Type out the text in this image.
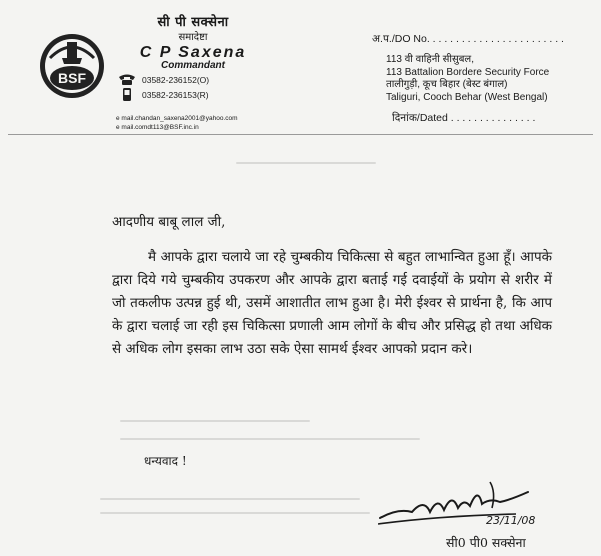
BSF
सी पी सक्सेना
समादेष्टा
C P Saxena
Commandant
03582-236152(O)
03582-236153(R)
e mail.chandan_saxena2001@yahoo.com
e mail.comdt113@BSF.inc.in
अ.प./DO No. . . . . . . . . . . . . . . . . . . . . . . .
113 वी वाहिनी सीसुबल,
113 Battalion Bordere Security Force
तालीगुड़ी, कूच बिहार (बेस्ट बंगाल)
Taliguri, Cooch Behar (West Bengal)
दिनांक/Dated . . . . . . . . . . . . . . .

आदणीय बाबू लाल जी,

मै आपके द्वारा चलाये जा रहे चुम्बकीय चिकित्सा से बहुत लाभान्वित हुआ हूँ। आपके द्वारा दिये गये चुम्बकीय उपकरण और आपके द्वारा बताई गई दवाईयों के प्रयोग से शरीर में जो तकलीफ उत्पन्न हुई थी, उसमें आशातीत लाभ हुआ है। मेरी ईश्वर से प्रार्थना है, कि आप के द्वारा चलाई जा रही इस चिकित्सा प्रणाली आम लोगों के बीच और प्रसिद्ध हो तथा अधिक से अधिक लोग इसका लाभ उठा सके ऐसा सामर्थ ईश्वर आपको प्रदान करे।

धन्यवाद !
23/11/08
सी0 पी0 सक्सेना
